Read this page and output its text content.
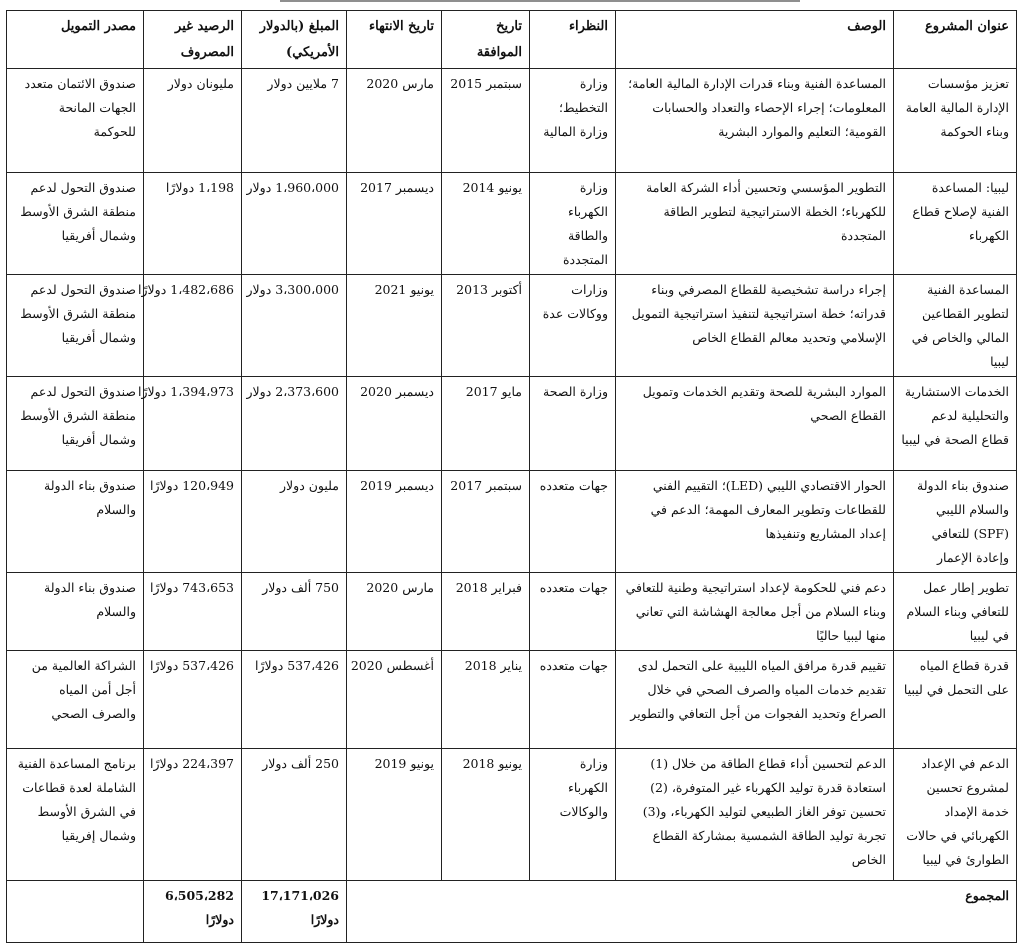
عنوان المشروع	الوصف	النظراء	تاريخ الموافقة	تاريخ الانتهاء	المبلغ (بالدولار الأمريكي)	الرصيد غير المصروف	مصدر التمويل
تعزيز مؤسسات الإدارة المالية العامة وبناء الحوكمة	المساعدة الفنية وبناء قدرات الإدارة المالية العامة؛ المعلومات؛ إجراء الإحصاء والتعداد والحسابات القومية؛ التعليم والموارد البشرية	وزارة التخطيط؛ وزارة المالية	سبتمبر 2015	مارس 2020	7 ملايين دولار	مليونان دولار	صندوق الائتمان متعدد الجهات المانحة للحوكمة
ليبيا: المساعدة الفنية لإصلاح قطاع الكهرباء	التطوير المؤسسي وتحسين أداء الشركة العامة للكهرباء؛ الخطة الاستراتيجية لتطوير الطاقة المتجددة	وزارة الكهرباء والطاقة المتجددة	يونيو 2014	ديسمبر 2017	1،960،000 دولار	1،198 دولارًا	صندوق التحول لدعم منطقة الشرق الأوسط وشمال أفريقيا
المساعدة الفنية لتطوير القطاعين المالي والخاص في ليبيا	إجراء دراسة تشخيصية للقطاع المصرفي وبناء قدراته؛ خطة استراتيجية لتنفيذ استراتيجية التمويل الإسلامي وتحديد معالم القطاع الخاص	وزارات ووكالات عدة	أكتوبر 2013	يونيو 2021	3،300،000 دولار	1،482،686 دولارًا	صندوق التحول لدعم منطقة الشرق الأوسط وشمال أفريقيا
الخدمات الاستشارية والتحليلية لدعم قطاع الصحة في ليبيا	الموارد البشرية للصحة وتقديم الخدمات وتمويل القطاع الصحي	وزارة الصحة	مايو 2017	ديسمبر 2020	2،373،600 دولار	1،394،973 دولارًا	صندوق التحول لدعم منطقة الشرق الأوسط وشمال أفريقيا
صندوق بناء الدولة والسلام الليبي (SPF) للتعافي وإعادة الإعمار	الحوار الاقتصادي الليبي (LED)؛ التقييم الفني للقطاعات وتطوير المعارف المهمة؛ الدعم في إعداد المشاريع وتنفيذها	جهات متعدده	سبتمبر 2017	ديسمبر 2019	مليون دولار	120،949 دولارًا	صندوق بناء الدولة والسلام
تطوير إطار عمل للتعافي وبناء السلام في ليبيا	دعم فني للحكومة لإعداد استراتيجية وطنية للتعافي وبناء السلام من أجل معالجة الهشاشة التي تعاني منها ليبيا حاليًا	جهات متعدده	فبراير 2018	مارس 2020	750 ألف دولار	743،653 دولارًا	صندوق بناء الدولة والسلام
قدرة قطاع المياه على التحمل في ليبيا	تقييم قدرة مرافق المياه الليبية على التحمل لدى تقديم خدمات المياه والصرف الصحي في خلال الصراع وتحديد الفجوات من أجل التعافي والتطوير	جهات متعدده	يناير 2018	أغسطس 2020	537،426 دولارًا	537،426 دولارًا	الشراكة العالمية من أجل أمن المياه والصرف الصحي
الدعم في الإعداد لمشروع تحسين خدمة الإمداد الكهربائي في حالات الطوارئ في ليبيا	الدعم لتحسين أداء قطاع الطاقة من خلال (1) استعادة قدرة توليد الكهرباء غير المتوفرة، (2) تحسين توفر الغاز الطبيعي لتوليد الكهرباء، و(3) تجربة توليد الطاقة الشمسية بمشاركة القطاع الخاص	وزارة الكهرباء والوكالات	يونيو 2018	يونيو 2019	250 ألف دولار	224،397 دولارًا	برنامج المساعدة الفنية الشاملة لعدة قطاعات في الشرق الأوسط وشمال إفريقيا
المجموع					17،171،026 دولارًا	6،505،282 دولارًا	
